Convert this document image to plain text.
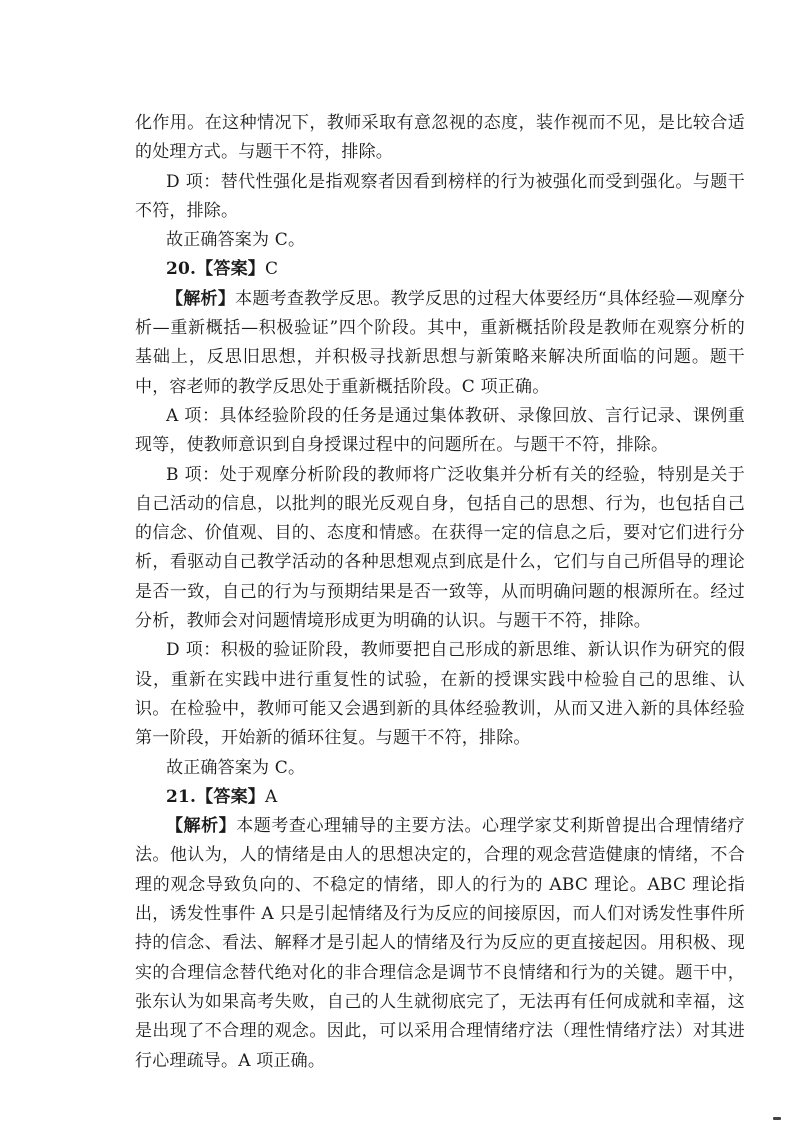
化作用。在这种情况下，教师采取有意忽视的态度，装作视而不见，是比较合适的处理方式。与题干不符，排除。

D 项：替代性强化是指观察者因看到榜样的行为被强化而受到强化。与题干不符，排除。

故正确答案为 C。

20.【答案】C

【解析】本题考查教学反思。教学反思的过程大体要经历“具体经验—观摩分析—重新概括—积极验证”四个阶段。其中，重新概括阶段是教师在观察分析的基础上，反思旧思想，并积极寻找新思想与新策略来解决所面临的问题。题干中，容老师的教学反思处于重新概括阶段。C 项正确。

A 项：具体经验阶段的任务是通过集体教研、录像回放、言行记录、课例重现等，使教师意识到自身授课过程中的问题所在。与题干不符，排除。

B 项：处于观摩分析阶段的教师将广泛收集并分析有关的经验，特别是关于自己活动的信息，以批判的眼光反观自身，包括自己的思想、行为，也包括自己的信念、价值观、目的、态度和情感。在获得一定的信息之后，要对它们进行分析，看驱动自己教学活动的各种思想观点到底是什么，它们与自己所倡导的理论是否一致，自己的行为与预期结果是否一致等，从而明确问题的根源所在。经过分析，教师会对问题情境形成更为明确的认识。与题干不符，排除。

D 项：积极的验证阶段，教师要把自己形成的新思维、新认识作为研究的假设，重新在实践中进行重复性的试验，在新的授课实践中检验自己的思维、认识。在检验中，教师可能又会遇到新的具体经验教训，从而又进入新的具体经验第一阶段，开始新的循环往复。与题干不符，排除。

故正确答案为 C。

21.【答案】A

【解析】本题考查心理辅导的主要方法。心理学家艾利斯曾提出合理情绪疗法。他认为，人的情绪是由人的思想决定的，合理的观念营造健康的情绪，不合理的观念导致负向的、不稳定的情绪，即人的行为的 ABC 理论。ABC 理论指出，诱发性事件 A 只是引起情绪及行为反应的间接原因，而人们对诱发性事件所持的信念、看法、解释才是引起人的情绪及行为反应的更直接起因。用积极、现实的合理信念替代绝对化的非合理信念是调节不良情绪和行为的关键。题干中，张东认为如果高考失败，自己的人生就彻底完了，无法再有任何成就和幸福，这是出现了不合理的观念。因此，可以采用合理情绪疗法（理性情绪疗法）对其进行心理疏导。A 项正确。
